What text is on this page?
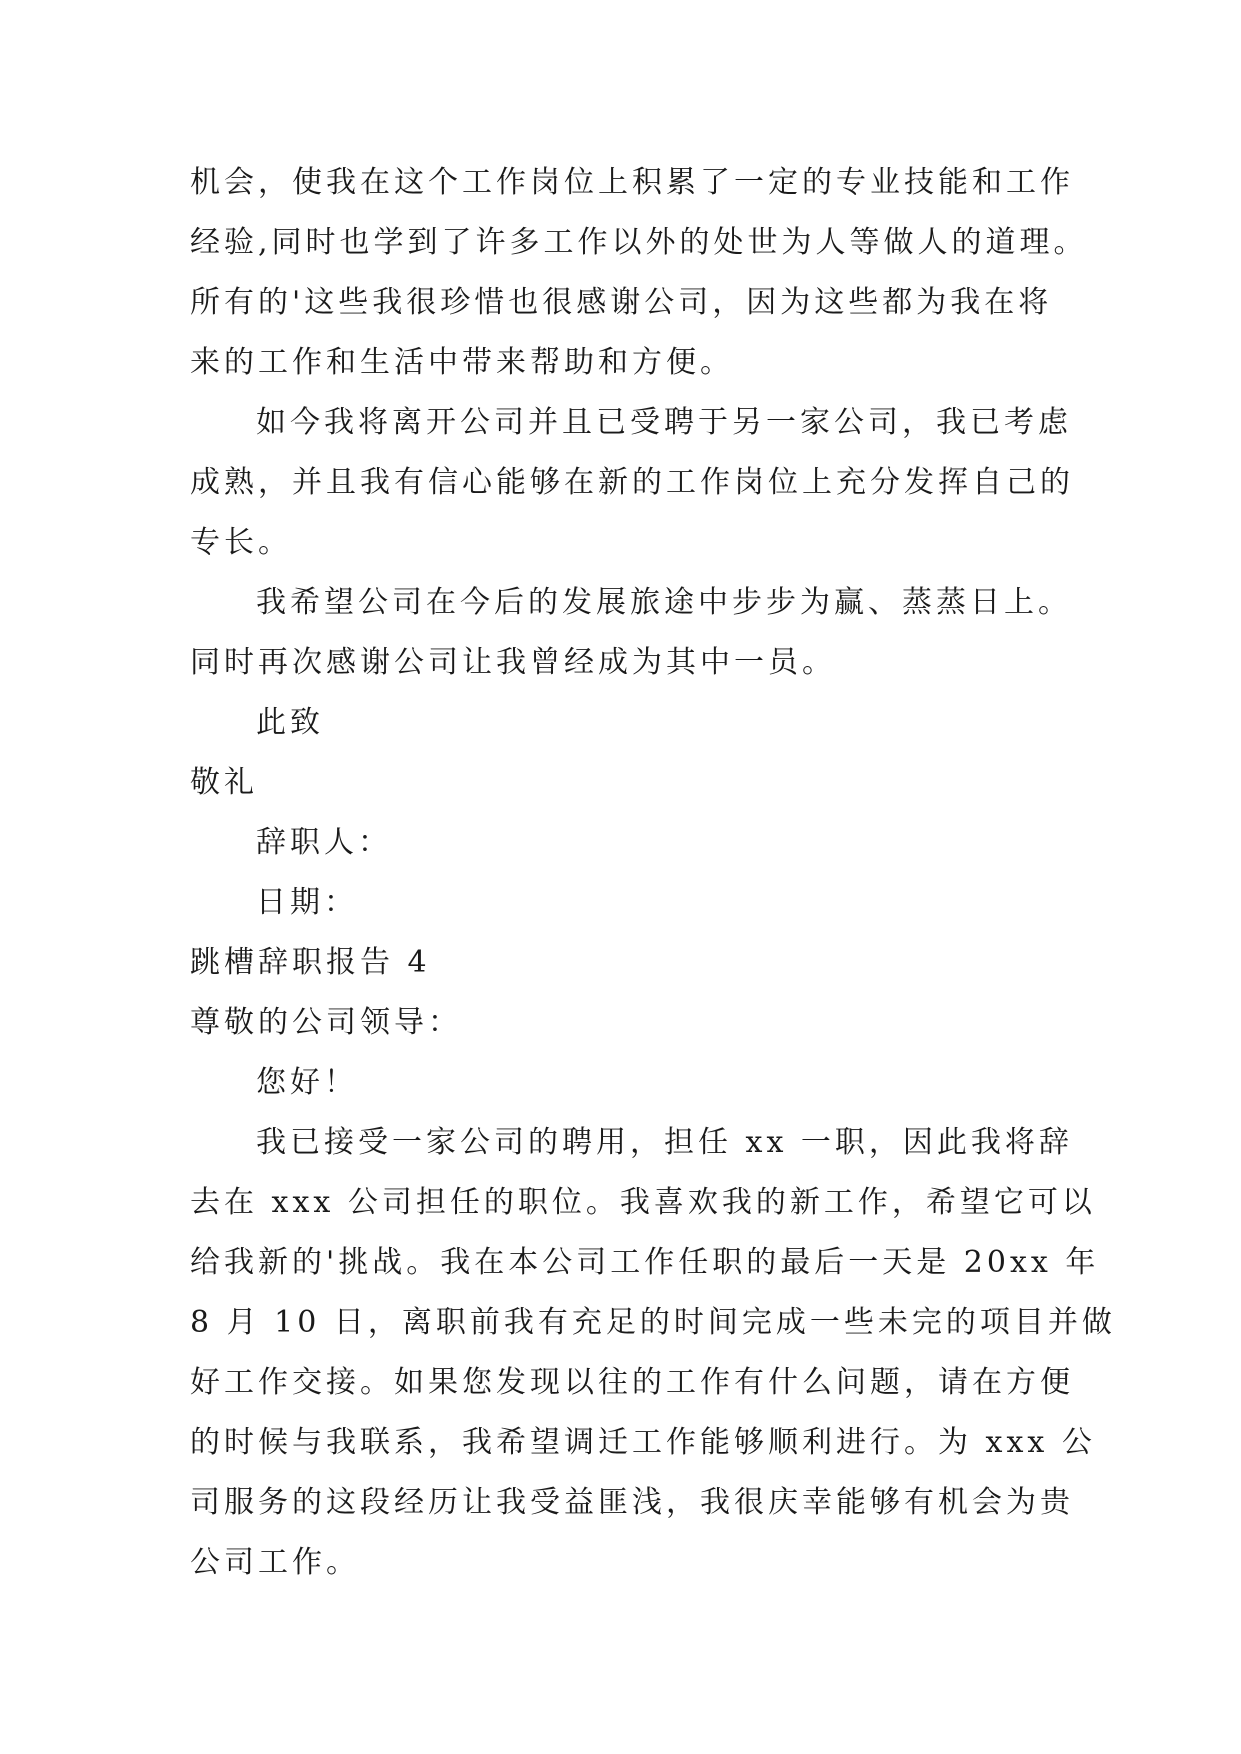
机会，使我在这个工作岗位上积累了一定的专业技能和工作
经验,同时也学到了许多工作以外的处世为人等做人的道理。
所有的'这些我很珍惜也很感谢公司，因为这些都为我在将
来的工作和生活中带来帮助和方便。
如今我将离开公司并且已受聘于另一家公司，我已考虑
成熟，并且我有信心能够在新的工作岗位上充分发挥自己的
专长。
我希望公司在今后的发展旅途中步步为赢、蒸蒸日上。
同时再次感谢公司让我曾经成为其中一员。
此致
敬礼
辞职人：
日期：
跳槽辞职报告 4
尊敬的公司领导：
您好！
我已接受一家公司的聘用，担任 xx 一职，因此我将辞
去在 xxx 公司担任的职位。我喜欢我的新工作，希望它可以
给我新的'挑战。我在本公司工作任职的最后一天是 20xx 年
8 月 10 日，离职前我有充足的时间完成一些未完的项目并做
好工作交接。如果您发现以往的工作有什么问题，请在方便
的时候与我联系，我希望调迁工作能够顺利进行。为 xxx 公
司服务的这段经历让我受益匪浅，我很庆幸能够有机会为贵
公司工作。
